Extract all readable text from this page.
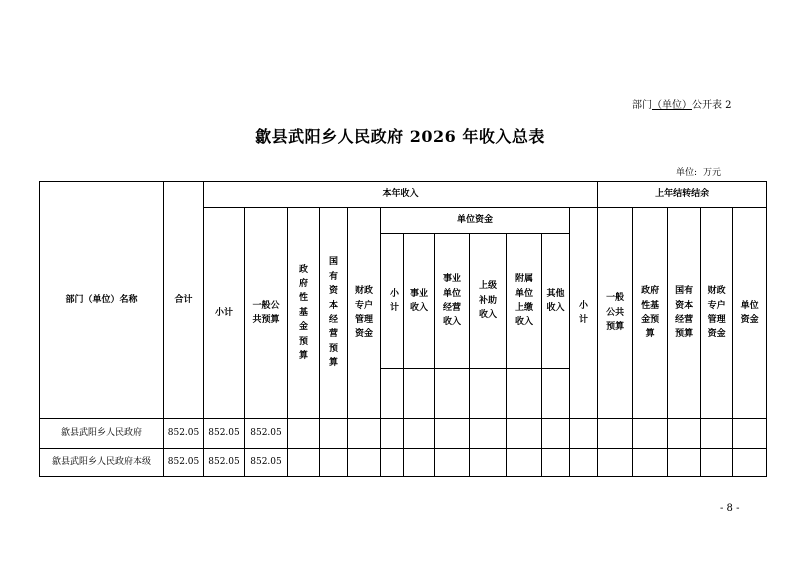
部门（单位）公开表 2
歙县武阳乡人民政府 2026 年收入总表
单位: 万元
部门（单位）名称	合计	本年收入												上年结转结余				
		小计	一般公共预算	政府性基金预算	国有资本经营预算	财政专户管理资金	单位资金						小计	一般公共预算	政府性基金预算	国有资本经营预算	财政专户管理资金	单位资金
							小计	事业收入	事业单位经营收入	上级补助收入	附属单位上缴收入	其他收入						

歙县武阳乡人民政府	852.05	852.05	852.05															
歙县武阳乡人民政府本级	852.05	852.05	852.05															
- 8 -
